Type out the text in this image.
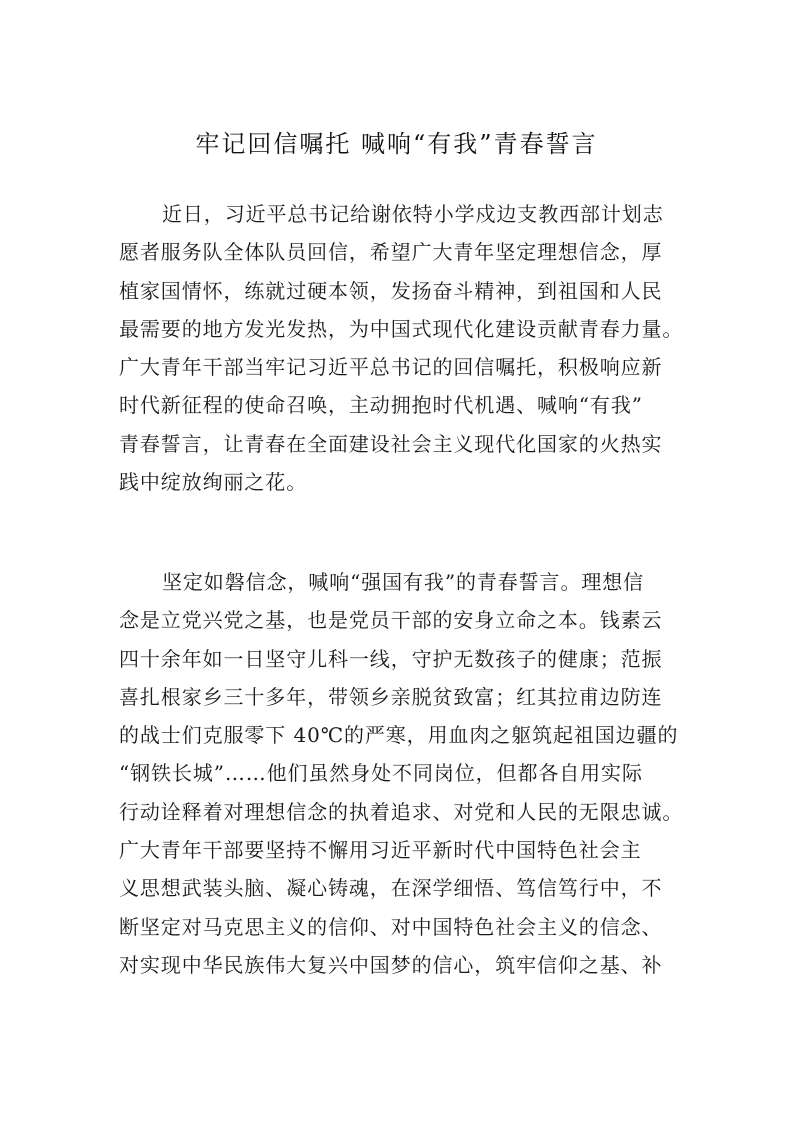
牢记回信嘱托 喊响“有我”青春誓言
近日，习近平总书记给谢依特小学戍边支教西部计划志
愿者服务队全体队员回信，希望广大青年坚定理想信念，厚
植家国情怀，练就过硬本领，发扬奋斗精神，到祖国和人民
最需要的地方发光发热，为中国式现代化建设贡献青春力量。
广大青年干部当牢记习近平总书记的回信嘱托，积极响应新
时代新征程的使命召唤，主动拥抱时代机遇、喊响“有我”
青春誓言，让青春在全面建设社会主义现代化国家的火热实
践中绽放绚丽之花。
坚定如磐信念，喊响“强国有我”的青春誓言。理想信
念是立党兴党之基，也是党员干部的安身立命之本。钱素云
四十余年如一日坚守儿科一线，守护无数孩子的健康；范振
喜扎根家乡三十多年，带领乡亲脱贫致富；红其拉甫边防连
的战士们克服零下 40℃的严寒，用血肉之躯筑起祖国边疆的
“钢铁长城”……他们虽然身处不同岗位，但都各自用实际
行动诠释着对理想信念的执着追求、对党和人民的无限忠诚。
广大青年干部要坚持不懈用习近平新时代中国特色社会主
义思想武装头脑、凝心铸魂，在深学细悟、笃信笃行中，不
断坚定对马克思主义的信仰、对中国特色社会主义的信念、
对实现中华民族伟大复兴中国梦的信心，筑牢信仰之基、补
